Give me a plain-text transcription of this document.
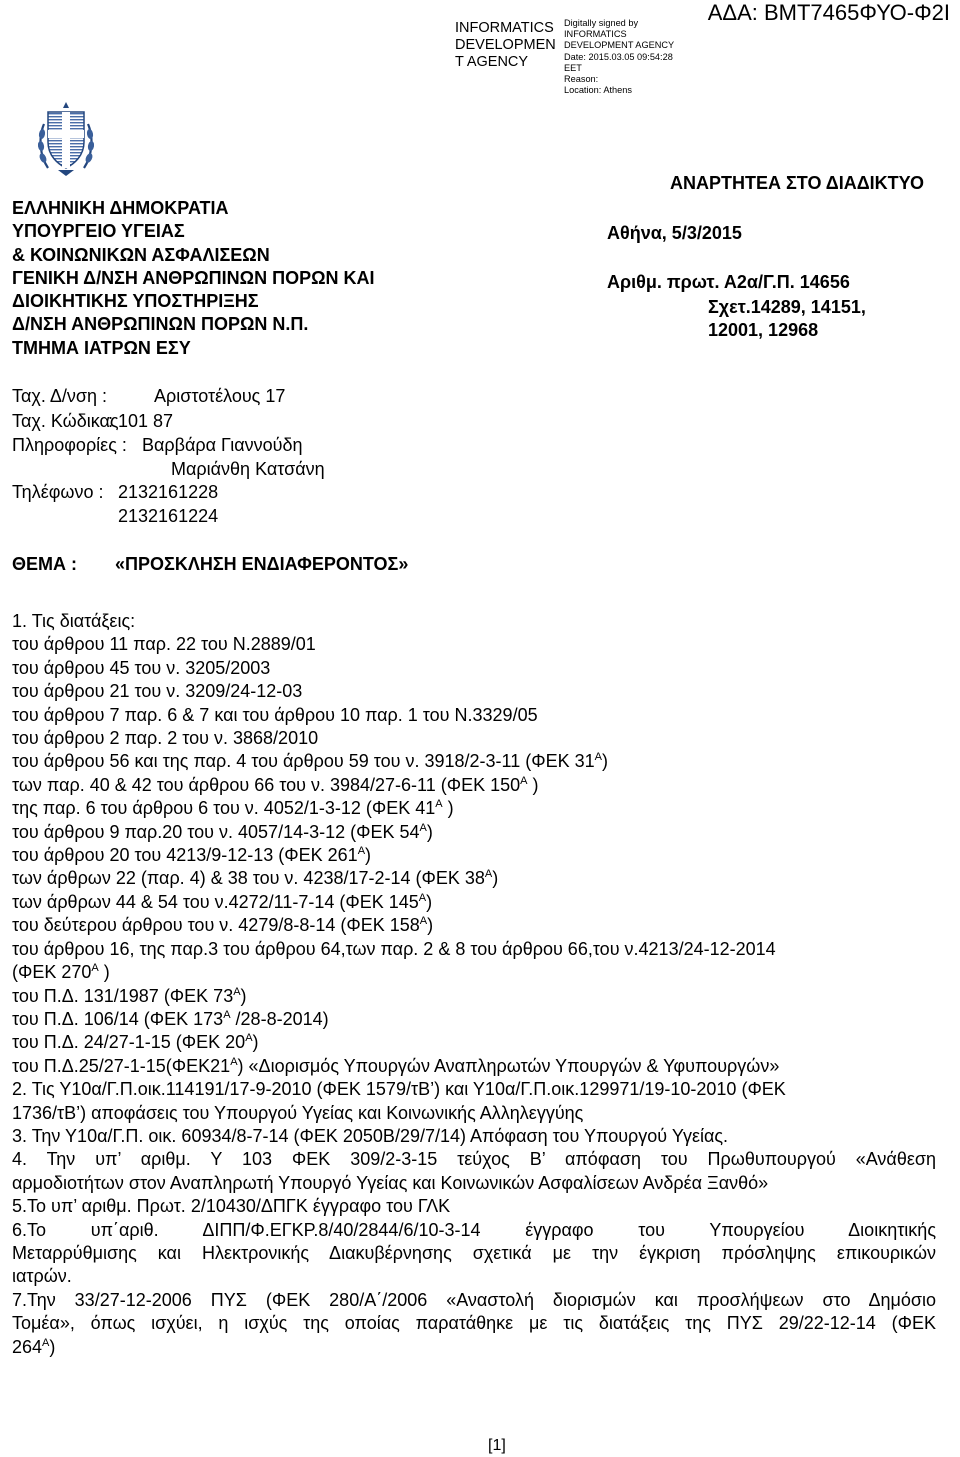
INFORMATICS
DEVELOPMEN
T AGENCY
Digitally signed by
INFORMATICS
DEVELOPMENT AGENCY
Date: 2015.03.05 09:54:28
EET
Reason:
Location: Athens
ΑΔΑ: ΒΜΤ7465ΦΥΟ-Φ2Ι
ΕΛΛΗΝΙΚΗ ΔΗΜΟΚΡΑΤΙΑ
ΥΠΟΥΡΓΕΙΟ ΥΓΕΙΑΣ
& ΚΟΙΝΩΝΙΚΩΝ ΑΣΦΑΛΙΣΕΩΝ
ΓΕΝΙΚΗ Δ/ΝΣΗ ΑΝΘΡΩΠΙΝΩΝ ΠΟΡΩΝ ΚΑΙ
ΔΙΟΙΚΗΤΙΚΗΣ ΥΠΟΣΤΗΡΙΞΗΣ
Δ/ΝΣΗ ΑΝΘΡΩΠΙΝΩΝ ΠΟΡΩΝ Ν.Π.
ΤΜΗΜΑ ΙΑΤΡΩΝ ΕΣΥ
ΑΝΑΡΤΗΤΕΑ ΣΤΟ ΔΙΑΔΙΚΤΥΟ
Αθήνα, 5/3/2015
Αριθμ. πρωτ. Α2α/Γ.Π. 14656
Σχετ.14289, 14151,
12001, 12968
Ταχ. Δ/νση :	Αριστοτέλους 17
Ταχ. Κώδικας
: 101 87
Πληροφορίες : Βαρβάρα Γιαννούδη
Μαριάνθη Κατσάνη
Τηλέφωνο : 2132161228
2132161224
ΘΕΜΑ : «ΠΡΟΣΚΛΗΣΗ ΕΝΔΙΑΦΕΡΟΝΤΟΣ»
1. Τις διατάξεις:
του άρθρου 11 παρ. 22 του Ν.2889/01
του άρθρου 45 του ν. 3205/2003
του άρθρου 21 του ν. 3209/24-12-03
του άρθρου 7 παρ. 6 & 7 και του άρθρου 10 παρ. 1 του Ν.3329/05
του άρθρου 2 παρ. 2 του ν. 3868/2010
του άρθρου 56 και της παρ. 4 του άρθρου 59 του ν. 3918/2-3-11 (ΦΕΚ $31^A$)
των παρ. 40 & 42 του άρθρου 66 του ν. 3984/27-6-11 (ΦΕΚ $150^A$ )
της παρ. 6 του άρθρου 6 του ν. 4052/1-3-12 (ΦΕΚ $41^A$ )
του άρθρου 9 παρ.20 του ν. 4057/14-3-12 (ΦΕΚ $54^A$)
του άρθρου 20 του 4213/9-12-13 (ΦΕΚ $261^A$)
των άρθρων 22 (παρ. 4) & 38 του ν. 4238/17-2-14 (ΦΕΚ $38^A$)
των άρθρων 44 & 54 του ν.4272/11-7-14 (ΦΕΚ $145^A$)
του δεύτερου άρθρου του ν. 4279/8-8-14 (ΦΕΚ $158^A$)
του άρθρου 16, της παρ.3 του άρθρου 64,των παρ. 2 & 8 του άρθρου 66,του ν.4213/24-12-2014
(ΦΕΚ $270^A$ )
του Π.Δ. 131/1987 (ΦΕΚ $73^A$)
του Π.Δ. 106/14 (ΦΕΚ $173^A$ /28-8-2014)
του Π.Δ. 24/27-1-15 (ΦΕΚ $20^A$)
του $\Pi.\Delta.25/27-1-15(\Phi EK21^A)$ «Διορισμός Υπουργών Αναπληρωτών Υπουργών & Υφυπουργών»
2. Τις Υ10α/Γ.Π.οικ.114191/17-9-2010 (ΦΕΚ 1579/τΒ’) και Υ10α/Γ.Π.οικ.129971/19-10-2010 (ΦΕΚ
1736/τΒ’) αποφάσεις του Υπουργού Υγείας και Κοινωνικής Αλληλεγγύης
3. Την Υ10α/Γ.Π. οικ. 60934/8-7-14 (ΦΕΚ 2050Β/29/7/14) Απόφαση του Υπουργού Υγείας.
4. Την υπ’ αριθμ. Υ 103 ΦΕΚ 309/2-3-15 τεύχος Β’ απόφαση του Πρωθυπουργού «Ανάθεση
αρμοδιοτήτων στον Αναπληρωτή Υπουργό Υγείας και Κοινωνικών Ασφαλίσεων Ανδρέα Ξανθό»
5.Το υπ’ αριθμ. Πρωτ. 2/10430/ΔΠΓΚ έγγραφο του ΓΛΚ
6.Το υπ΄αριθ. ΔΙΠΠ/Φ.ΕΓΚΡ.8/40/2844/6/10-3-14 έγγραφο του Υπουργείου Διοικητικής
Μεταρρύθμισης και Ηλεκτρονικής Διακυβέρνησης σχετικά με την έγκριση πρόσληψης επικουρικών
ιατρών.
7.Την 33/27-12-2006 ΠΥΣ (ΦΕΚ 280/Α΄/2006 «Αναστολή διορισμών και προσλήψεων στο Δημόσιο
Τομέα», όπως ισχύει, η ισχύς της οποίας παρατάθηκε με τις διατάξεις της ΠΥΣ 29/22-12-14 (ΦΕΚ
$264^A$)
[1]
